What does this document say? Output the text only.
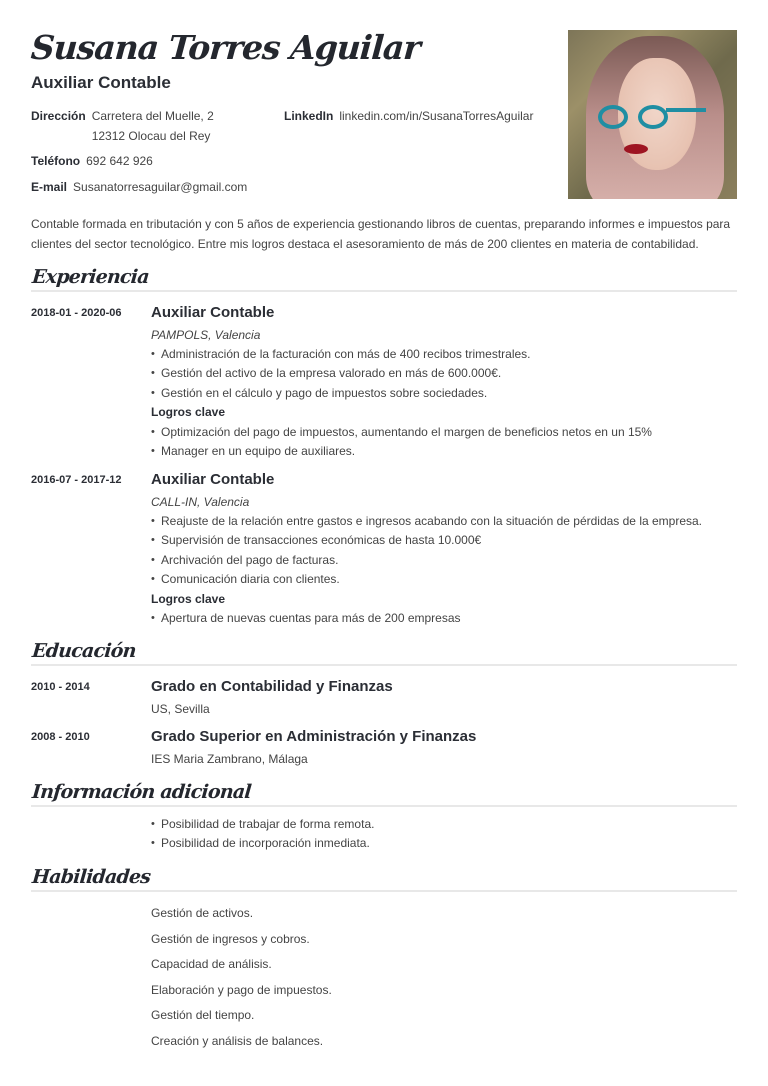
Susana Torres Aguilar
Auxiliar Contable
Dirección Carretera del Muelle, 2
12312 Olocau del Rey
LinkedIn linkedin.com/in/SusanaTorresAguilar
Teléfono 692 642 926
E-mail Susanatorresaguilar@gmail.com
Contable formada en tributación y con 5 años de experiencia gestionando libros de cuentas, preparando informes e impuestos para clientes del sector tecnológico. Entre mis logros destaca el asesoramiento de más de 200 clientes en materia de contabilidad.
Experiencia
2018-01 - 2020-06 Auxiliar Contable
PAMPOLS, Valencia
• Administración de la facturación con más de 400 recibos trimestrales.
• Gestión del activo de la empresa valorado en más de 600.000€.
• Gestión en el cálculo y pago de impuestos sobre sociedades.
Logros clave
• Optimización del pago de impuestos, aumentando el margen de beneficios netos en un 15%
• Manager en un equipo de auxiliares.
2016-07 - 2017-12 Auxiliar Contable
CALL-IN, Valencia
• Reajuste de la relación entre gastos e ingresos acabando con la situación de pérdidas de la empresa.
• Supervisión de transacciones económicas de hasta 10.000€
• Archivación del pago de facturas.
• Comunicación diaria con clientes.
Logros clave
• Apertura de nuevas cuentas para más de 200 empresas
Educación
2010 - 2014	Grado en Contabilidad y Finanzas
US, Sevilla
2008 - 2010	Grado Superior en Administración y Finanzas
IES Maria Zambrano, Málaga
Información adicional
• Posibilidad de trabajar de forma remota.
• Posibilidad de incorporación inmediata.
Habilidades
Gestión de activos.
Gestión de ingresos y cobros.
Capacidad de análisis.
Elaboración y pago de impuestos.
Gestión del tiempo.
Creación y análisis de balances.
